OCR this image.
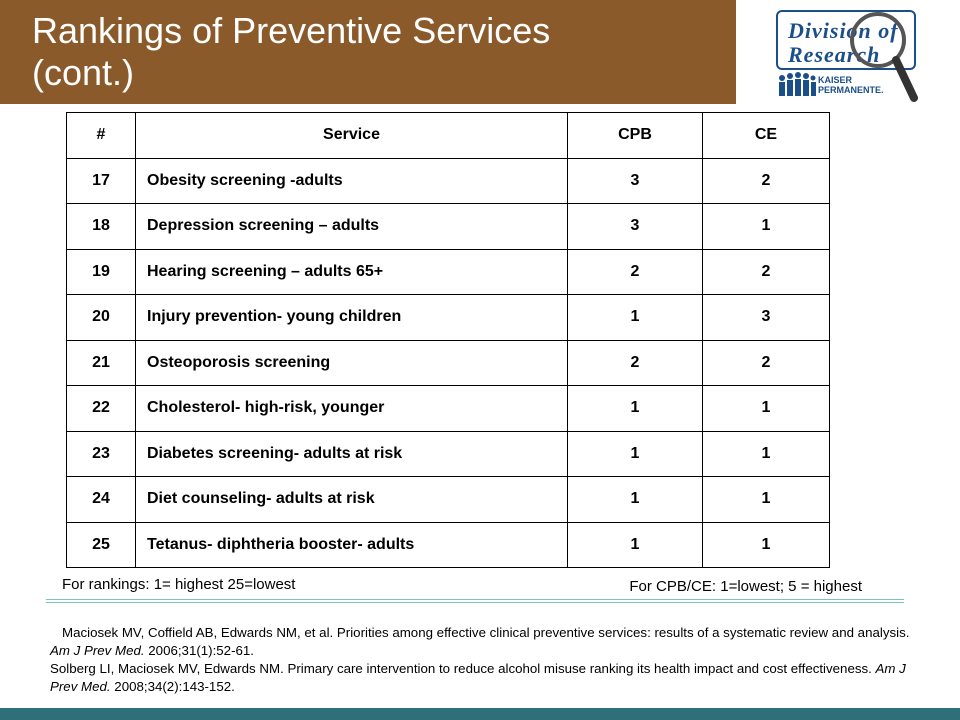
Rankings of Preventive Services
(cont.)
Division of
Research
KAISER
PERMANENTE.
#	Service	CPB	CE
17	Obesity screening -adults	3	2
18	Depression screening – adults	3	1
19	Hearing screening – adults 65+	2	2
20	Injury prevention- young children	1	3
21	Osteoporosis screening	2	2
22	Cholesterol- high-risk, younger	1	1
23	Diabetes screening- adults at risk	1	1
24	Diet counseling- adults at risk	1	1
25	Tetanus- diphtheria booster- adults	1	1
For rankings: 1= highest 25=lowest	For CPB/CE: 1=lowest; 5 = highest

Maciosek MV, Coffield AB, Edwards NM, et al. Priorities among effective clinical preventive services: results of a systematic review and analysis. Am J Prev Med. 2006;31(1):52-61.

Solberg LI, Maciosek MV, Edwards NM. Primary care intervention to reduce alcohol misuse ranking its health impact and cost effectiveness. Am J Prev Med. 2008;34(2):143-152.
